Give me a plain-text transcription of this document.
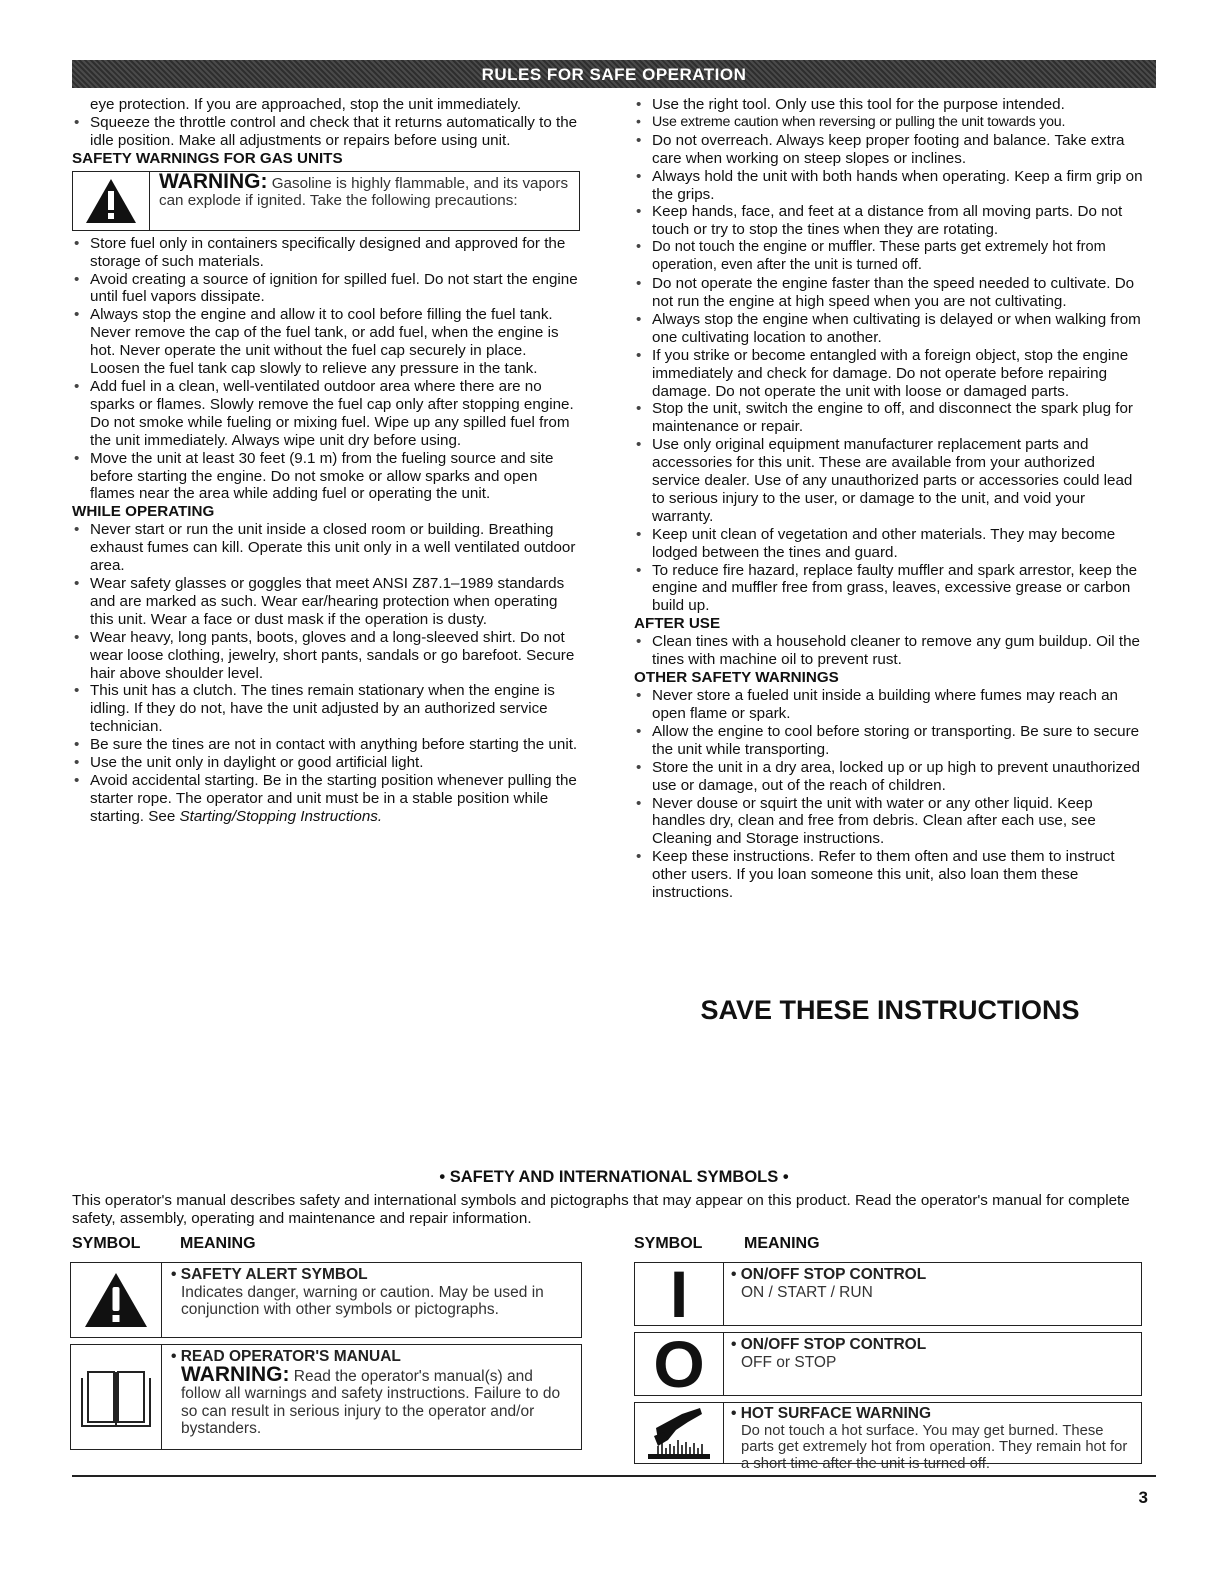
RULES FOR SAFE OPERATION

eye protection. If you are approached, stop the unit immediately.

• Squeeze the throttle control and check that it returns automatically to the idle position. Make all adjustments or repairs before using unit.
SAFETY WARNINGS FOR GAS UNITS
WARNING: Gasoline is highly flammable, and its vapors can explode if ignited. Take the following precautions:
• Store fuel only in containers specifically designed and approved for the storage of such materials.
• Avoid creating a source of ignition for spilled fuel. Do not start the engine until fuel vapors dissipate.
• Always stop the engine and allow it to cool before filling the fuel tank. Never remove the cap of the fuel tank, or add fuel, when the engine is hot. Never operate the unit without the fuel cap securely in place. Loosen the fuel tank cap slowly to relieve any pressure in the tank.
• Add fuel in a clean, well-ventilated outdoor area where there are no sparks or flames. Slowly remove the fuel cap only after stopping engine. Do not smoke while fueling or mixing fuel. Wipe up any spilled fuel from the unit immediately. Always wipe unit dry before using.
• Move the unit at least 30 feet (9.1 m) from the fueling source and site before starting the engine. Do not smoke or allow sparks and open flames near the area while adding fuel or operating the unit.
WHILE OPERATING
• Never start or run the unit inside a closed room or building. Breathing exhaust fumes can kill. Operate this unit only in a well ventilated outdoor area.
• Wear safety glasses or goggles that meet ANSI Z87.1–1989 standards and are marked as such. Wear ear/hearing protection when operating this unit. Wear a face or dust mask if the operation is dusty.
• Wear heavy, long pants, boots, gloves and a long-sleeved shirt. Do not wear loose clothing, jewelry, short pants, sandals or go barefoot. Secure hair above shoulder level.
• This unit has a clutch. The tines remain stationary when the engine is idling. If they do not, have the unit adjusted by an authorized service technician.
• Be sure the tines are not in contact with anything before starting the unit.
• Use the unit only in daylight or good artificial light.
• Avoid accidental starting. Be in the starting position whenever pulling the starter rope. The operator and unit must be in a stable position while starting. See Starting/Stopping Instructions.
• Use the right tool. Only use this tool for the purpose intended.
• Use extreme caution when reversing or pulling the unit towards you.
• Do not overreach. Always keep proper footing and balance. Take extra care when working on steep slopes or inclines.
• Always hold the unit with both hands when operating. Keep a firm grip on the grips.
• Keep hands, face, and feet at a distance from all moving parts. Do not touch or try to stop the tines when they are rotating.
• Do not touch the engine or muffler. These parts get extremely hot from operation, even after the unit is turned off.
• Do not operate the engine faster than the speed needed to cultivate. Do not run the engine at high speed when you are not cultivating.
• Always stop the engine when cultivating is delayed or when walking from one cultivating location to another.
• If you strike or become entangled with a foreign object, stop the engine immediately and check for damage. Do not operate before repairing damage. Do not operate the unit with loose or damaged parts.
• Stop the unit, switch the engine to off, and disconnect the spark plug for maintenance or repair.
• Use only original equipment manufacturer replacement parts and accessories for this unit. These are available from your authorized service dealer. Use of any unauthorized parts or accessories could lead to serious injury to the user, or damage to the unit, and void your warranty.
• Keep unit clean of vegetation and other materials. They may become lodged between the tines and guard.
• To reduce fire hazard, replace faulty muffler and spark arrestor, keep the engine and muffler free from grass, leaves, excessive grease or carbon build up.
AFTER USE
• Clean tines with a household cleaner to remove any gum buildup. Oil the tines with machine oil to prevent rust.
OTHER SAFETY WARNINGS
• Never store a fueled unit inside a building where fumes may reach an open flame or spark.
• Allow the engine to cool before storing or transporting. Be sure to secure the unit while transporting.
• Store the unit in a dry area, locked up or up high to prevent unauthorized use or damage, out of the reach of children.
• Never douse or squirt the unit with water or any other liquid. Keep handles dry, clean and free from debris. Clean after each use, see Cleaning and Storage instructions.
• Keep these instructions. Refer to them often and use them to instruct other users. If you loan someone this unit, also loan them these instructions.
SAVE THESE INSTRUCTIONS
• SAFETY AND INTERNATIONAL SYMBOLS •
This operator's manual describes safety and international symbols and pictographs that may appear on this product. Read the operator's manual for complete safety, assembly, operating and maintenance and repair information.
SYMBOL MEANING	SYMBOL	MEANING
• SAFETY ALERT SYMBOL
Indicates danger, warning or caution. May be used in conjunction with other symbols or pictographs.
• READ OPERATOR'S MANUAL
WARNING: Read the operator's manual(s) and follow all warnings and safety instructions. Failure to do so can result in serious injury to the operator and/or bystanders.
I	• ON/OFF STOP CONTROL
ON / START / RUN
O • ON/OFF STOP CONTROL
OFF or STOP
• HOT SURFACE WARNING
Do not touch a hot surface. You may get burned. These parts get extremely hot from operation. They remain hot for a short time after the unit is turned off.
3
